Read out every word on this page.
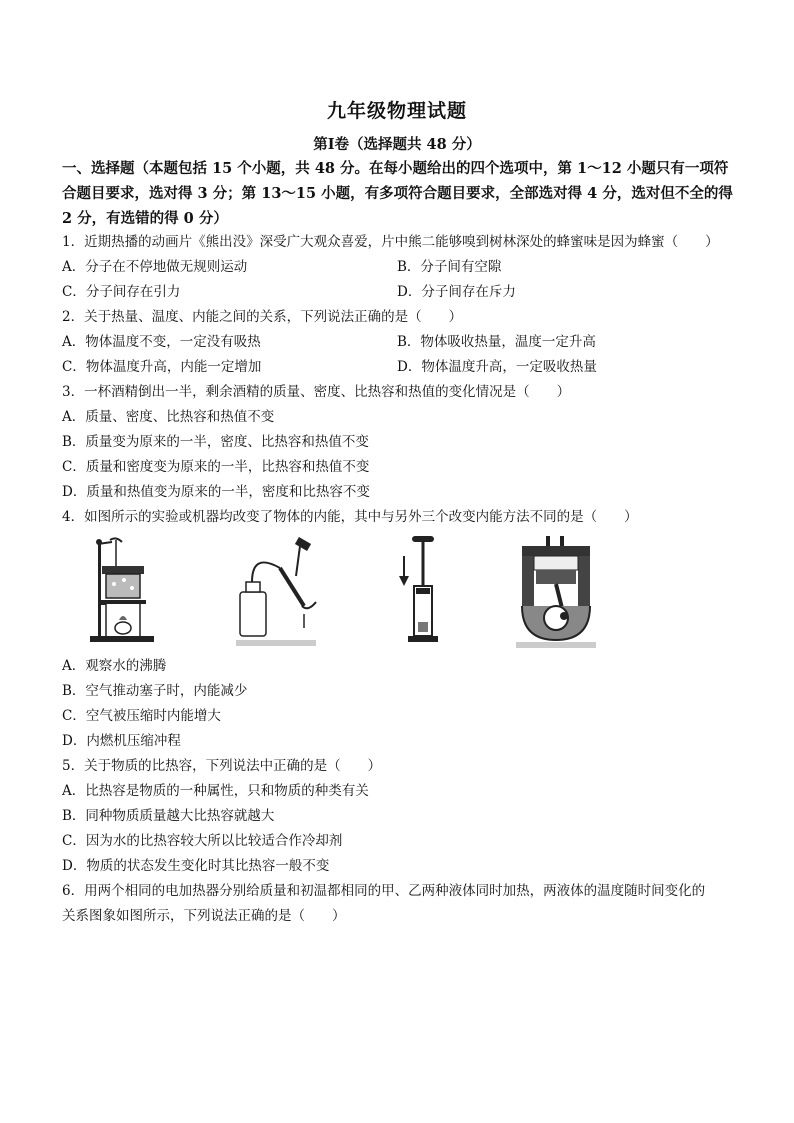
九年级物理试题
第Ⅰ卷（选择题共 48 分）
一、选择题（本题包括 15 个小题，共 48 分。在每小题给出的四个选项中，第 1～12 小题只有一项符合题目要求，选对得 3 分；第 13～15 小题，有多项符合题目要求，全部选对得 4 分，选对但不全的得 2 分，有选错的得 0 分）
1．近期热播的动画片《熊出没》深受广大观众喜爱，片中熊二能够嗅到树林深处的蜂蜜味是因为蜂蜜（　　）
A．分子在不停地做无规则运动	B．分子间有空隙
C．分子间存在引力	D．分子间存在斥力
2．关于热量、温度、内能之间的关系，下列说法正确的是（　　）
A．物体温度不变，一定没有吸热	B．物体吸收热量，温度一定升高
C．物体温度升高，内能一定增加	D．物体温度升高，一定吸收热量
3．一杯酒精倒出一半，剩余酒精的质量、密度、比热容和热值的变化情况是（　　）
A．质量、密度、比热容和热值不变
B．质量变为原来的一半，密度、比热容和热值不变
C．质量和密度变为原来的一半，比热容和热值不变
D．质量和热值变为原来的一半，密度和比热容不变
4．如图所示的实验或机器均改变了物体的内能，其中与另外三个改变内能方法不同的是（　　）
A．观察水的沸腾
B．空气推动塞子时，内能减少
C．空气被压缩时内能增大
D．内燃机压缩冲程
5．关于物质的比热容，下列说法中正确的是（　　）
A．比热容是物质的一种属性，只和物质的种类有关
B．同种物质质量越大比热容就越大
C．因为水的比热容较大所以比较适合作冷却剂
D．物质的状态发生变化时其比热容一般不变
6．用两个相同的电加热器分别给质量和初温都相同的甲、乙两种液体同时加热，两液体的温度随时间变化的
关系图象如图所示，下列说法正确的是（　　）
